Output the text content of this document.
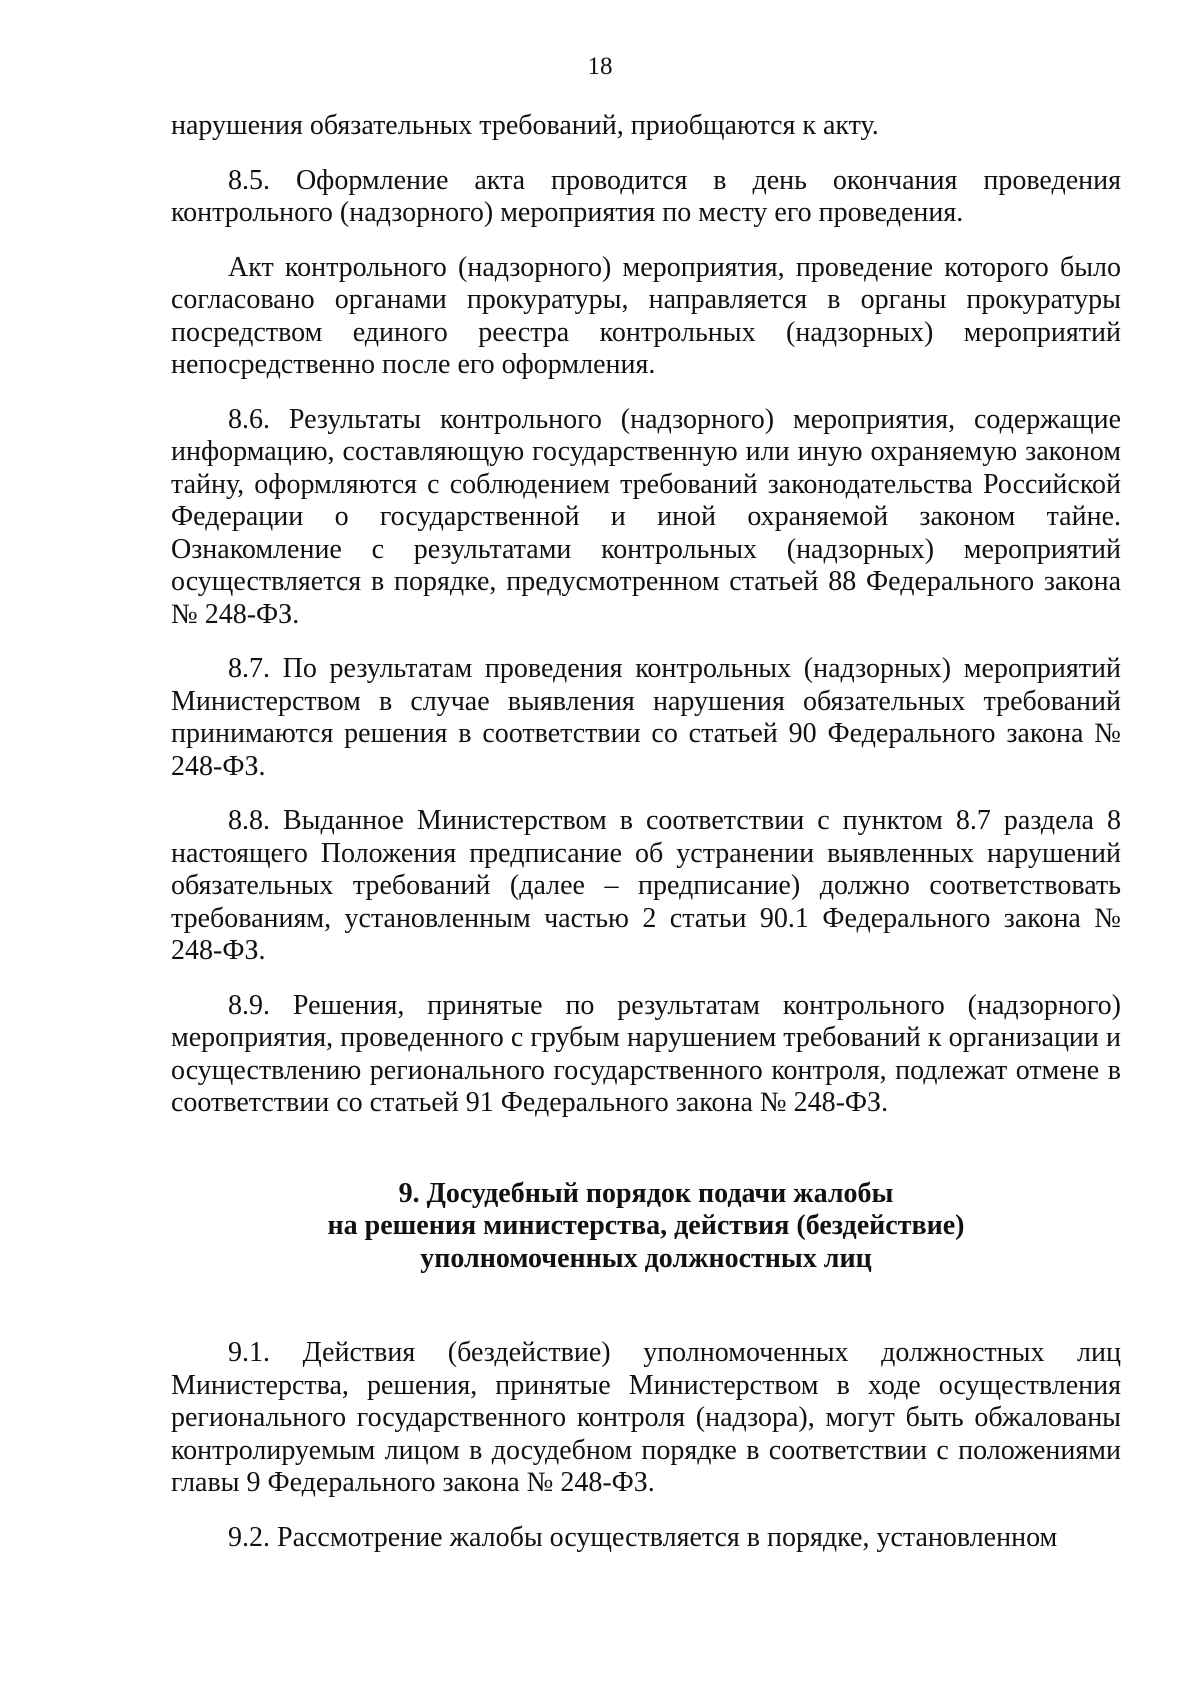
18

нарушения обязательных требований, приобщаются к акту.

8.5. Оформление акта проводится в день окончания проведения контрольного (надзорного) мероприятия по месту его проведения.

Акт контрольного (надзорного) мероприятия, проведение которого было согласовано органами прокуратуры, направляется в органы прокуратуры посредством единого реестра контрольных (надзорных) мероприятий непосредственно после его оформления.

8.6. Результаты контрольного (надзорного) мероприятия, содержащие информацию, составляющую государственную или иную охраняемую законом тайну, оформляются с соблюдением требований законодательства Российской Федерации о государственной и иной охраняемой законом тайне. Ознакомление с результатами контрольных (надзорных) мероприятий осуществляется в порядке, предусмотренном статьей 88 Федерального закона № 248-ФЗ.

8.7. По результатам проведения контрольных (надзорных) мероприятий Министерством в случае выявления нарушения обязательных требований принимаются решения в соответствии со статьей 90 Федерального закона № 248-ФЗ.

8.8. Выданное Министерством в соответствии с пунктом 8.7 раздела 8 настоящего Положения предписание об устранении выявленных нарушений обязательных требований (далее – предписание) должно соответствовать требованиям, установленным частью 2 статьи 90.1 Федерального закона № 248-ФЗ.

8.9. Решения, принятые по результатам контрольного (надзорного) мероприятия, проведенного с грубым нарушением требований к организации и осуществлению регионального государственного контроля, подлежат отмене в соответствии со статьей 91 Федерального закона № 248-ФЗ.

9. Досудебный порядок подачи жалобы
на решения министерства, действия (бездействие)
уполномоченных должностных лиц

9.1. Действия (бездействие) уполномоченных должностных лиц Министерства, решения, принятые Министерством в ходе осуществления регионального государственного контроля (надзора), могут быть обжалованы контролируемым лицом в досудебном порядке в соответствии с положениями главы 9 Федерального закона № 248-ФЗ.

9.2. Рассмотрение жалобы осуществляется в порядке, установленном
